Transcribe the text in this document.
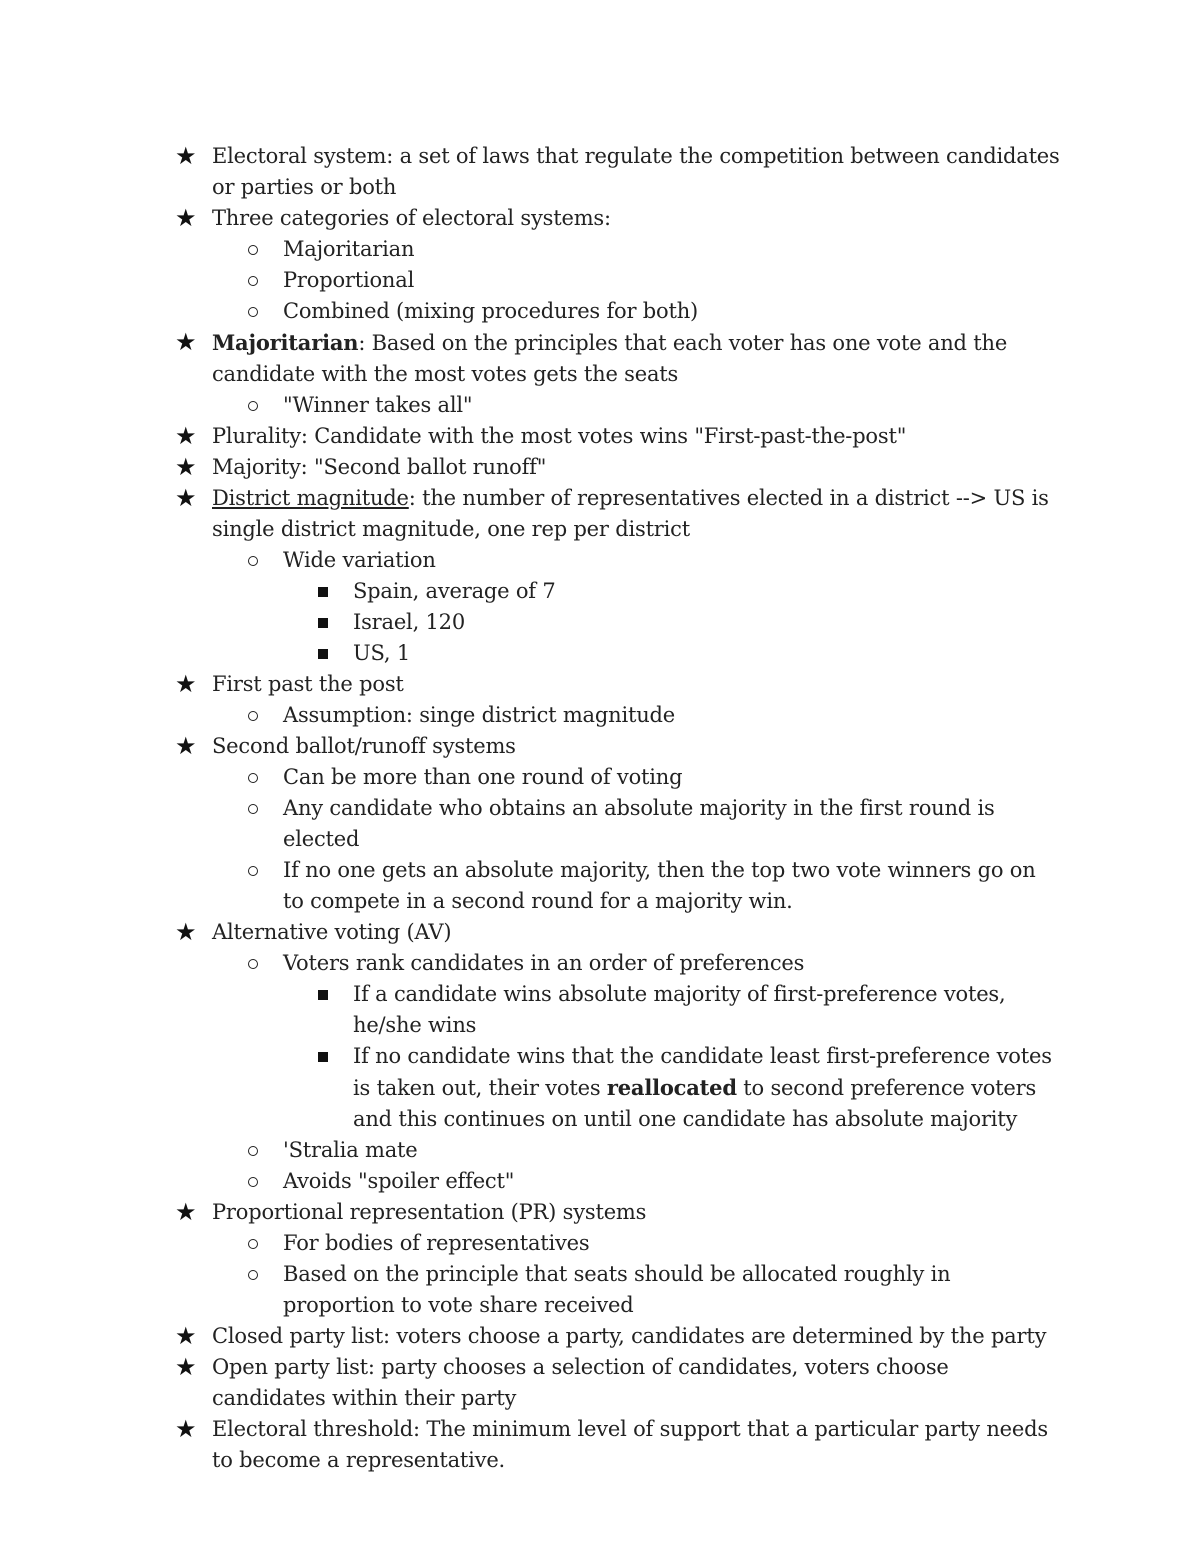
★ Electoral system: a set of laws that regulate the competition between candidates or parties or both
★ Three categories of electoral systems:
Majoritarian
Proportional
Combined (mixing procedures for both)
★ Majoritarian: Based on the principles that each voter has one vote and the candidate with the most votes gets the seats
"Winner takes all"
★ Plurality: Candidate with the most votes wins "First-past-the-post"
★ Majority: "Second ballot runoff"
★ District magnitude: the number of representatives elected in a district --> US is single district magnitude, one rep per district
Wide variation
Spain, average of 7
Israel, 120
US, 1
★ First past the post
Assumption: singe district magnitude
★ Second ballot/runoff systems
Can be more than one round of voting
Any candidate who obtains an absolute majority in the first round is elected
If no one gets an absolute majority, then the top two vote winners go on to compete in a second round for a majority win.
★ Alternative voting (AV)
Voters rank candidates in an order of preferences
If a candidate wins absolute majority of first-preference votes, he/she wins
If no candidate wins that the candidate least first-preference votes is taken out, their votes reallocated to second preference voters and this continues on until one candidate has absolute majority
'Stralia mate
Avoids "spoiler effect"
★ Proportional representation (PR) systems
For bodies of representatives
Based on the principle that seats should be allocated roughly in proportion to vote share received
★ Closed party list: voters choose a party, candidates are determined by the party
★ Open party list: party chooses a selection of candidates, voters choose candidates within their party
★ Electoral threshold: The minimum level of support that a particular party needs to become a representative.
